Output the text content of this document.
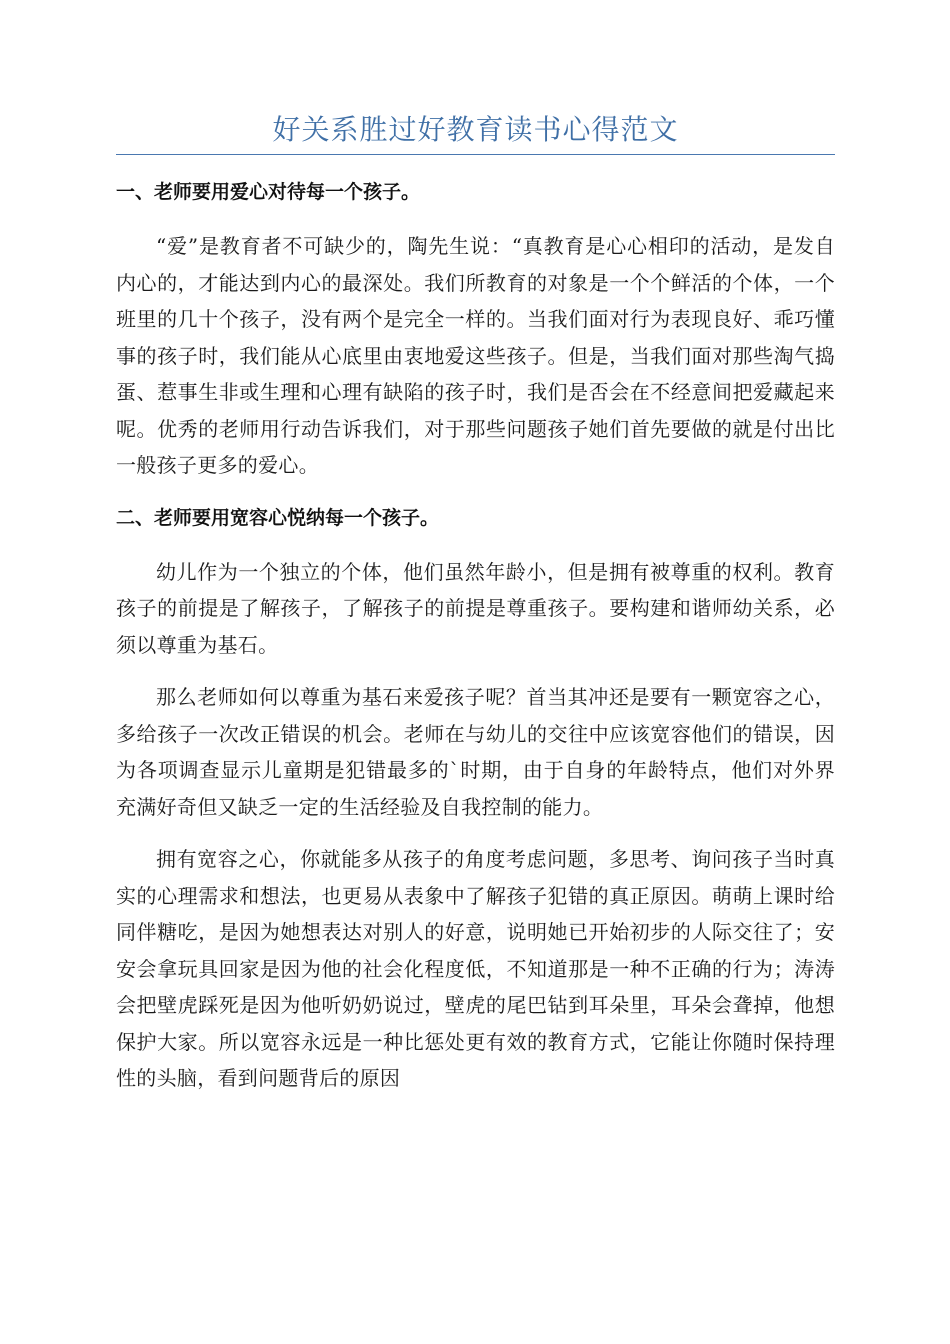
好关系胜过好教育读书心得范文
一、老师要用爱心对待每一个孩子。

“爱”是教育者不可缺少的，陶先生说：“真教育是心心相印的活动，是发自内心的，才能达到内心的最深处。我们所教育的对象是一个个鲜活的个体，一个班里的几十个孩子，没有两个是完全一样的。当我们面对行为表现良好、乖巧懂事的孩子时，我们能从心底里由衷地爱这些孩子。但是，当我们面对那些淘气捣蛋、惹事生非或生理和心理有缺陷的孩子时，我们是否会在不经意间把爱藏起来呢。优秀的老师用行动告诉我们，对于那些问题孩子她们首先要做的就是付出比一般孩子更多的爱心。

二、老师要用宽容心悦纳每一个孩子。

幼儿作为一个独立的个体，他们虽然年龄小，但是拥有被尊重的权利。教育孩子的前提是了解孩子，了解孩子的前提是尊重孩子。要构建和谐师幼关系，必须以尊重为基石。

那么老师如何以尊重为基石来爱孩子呢？首当其冲还是要有一颗宽容之心，多给孩子一次改正错误的机会。老师在与幼儿的交往中应该宽容他们的错误，因为各项调查显示儿童期是犯错最多的`时期，由于自身的年龄特点，他们对外界充满好奇但又缺乏一定的生活经验及自我控制的能力。

拥有宽容之心，你就能多从孩子的角度考虑问题，多思考、询问孩子当时真实的心理需求和想法，也更易从表象中了解孩子犯错的真正原因。萌萌上课时给同伴糖吃，是因为她想表达对别人的好意，说明她已开始初步的人际交往了；安安会拿玩具回家是因为他的社会化程度低，不知道那是一种不正确的行为；涛涛会把壁虎踩死是因为他听奶奶说过，壁虎的尾巴钻到耳朵里，耳朵会聋掉，他想保护大家。所以宽容永远是一种比惩处更有效的教育方式，它能让你随时保持理性的头脑，看到问题背后的原因
